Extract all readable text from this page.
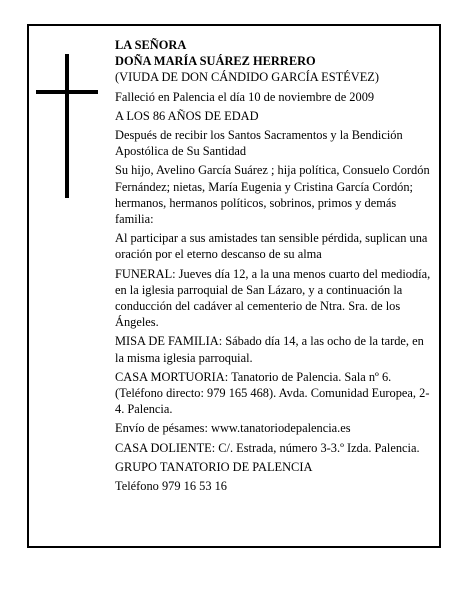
LA SEÑORA

DOÑA MARÍA SUÁREZ HERRERO

(VIUDA DE DON CÁNDIDO GARCÍA ESTÉVEZ)

Falleció en Palencia el día 10 de noviembre de 2009

A LOS 86 AÑOS DE EDAD

Después de recibir los Santos Sacramentos y la Bendición Apostólica de Su Santidad

Su hijo, Avelino García Suárez ; hija política, Consuelo Cordón Fernández; nietas, María Eugenia y Cristina García Cordón; hermanos, hermanos políticos, sobrinos, primos y demás familia:

Al participar a sus amistades tan sensible pérdida, suplican una oración por el eterno descanso de su alma

FUNERAL: Jueves día 12, a la una menos cuarto del mediodía, en la iglesia parroquial de San Lázaro, y a continuación la conducción del cadáver al cementerio de Ntra. Sra. de los Ángeles.

MISA DE FAMILIA: Sábado día 14, a las ocho de la tarde, en la misma iglesia parroquial.

CASA MORTUORIA: Tanatorio de Palencia. Sala nº 6. (Teléfono directo: 979 165 468). Avda. Comunidad Europea, 2-4. Palencia.

Envío de pésames: www.tanatoriodepalencia.es

CASA DOLIENTE: C/. Estrada, número 3-3.º Izda. Palencia.

GRUPO TANATORIO DE PALENCIA

Teléfono 979 16 53 16
